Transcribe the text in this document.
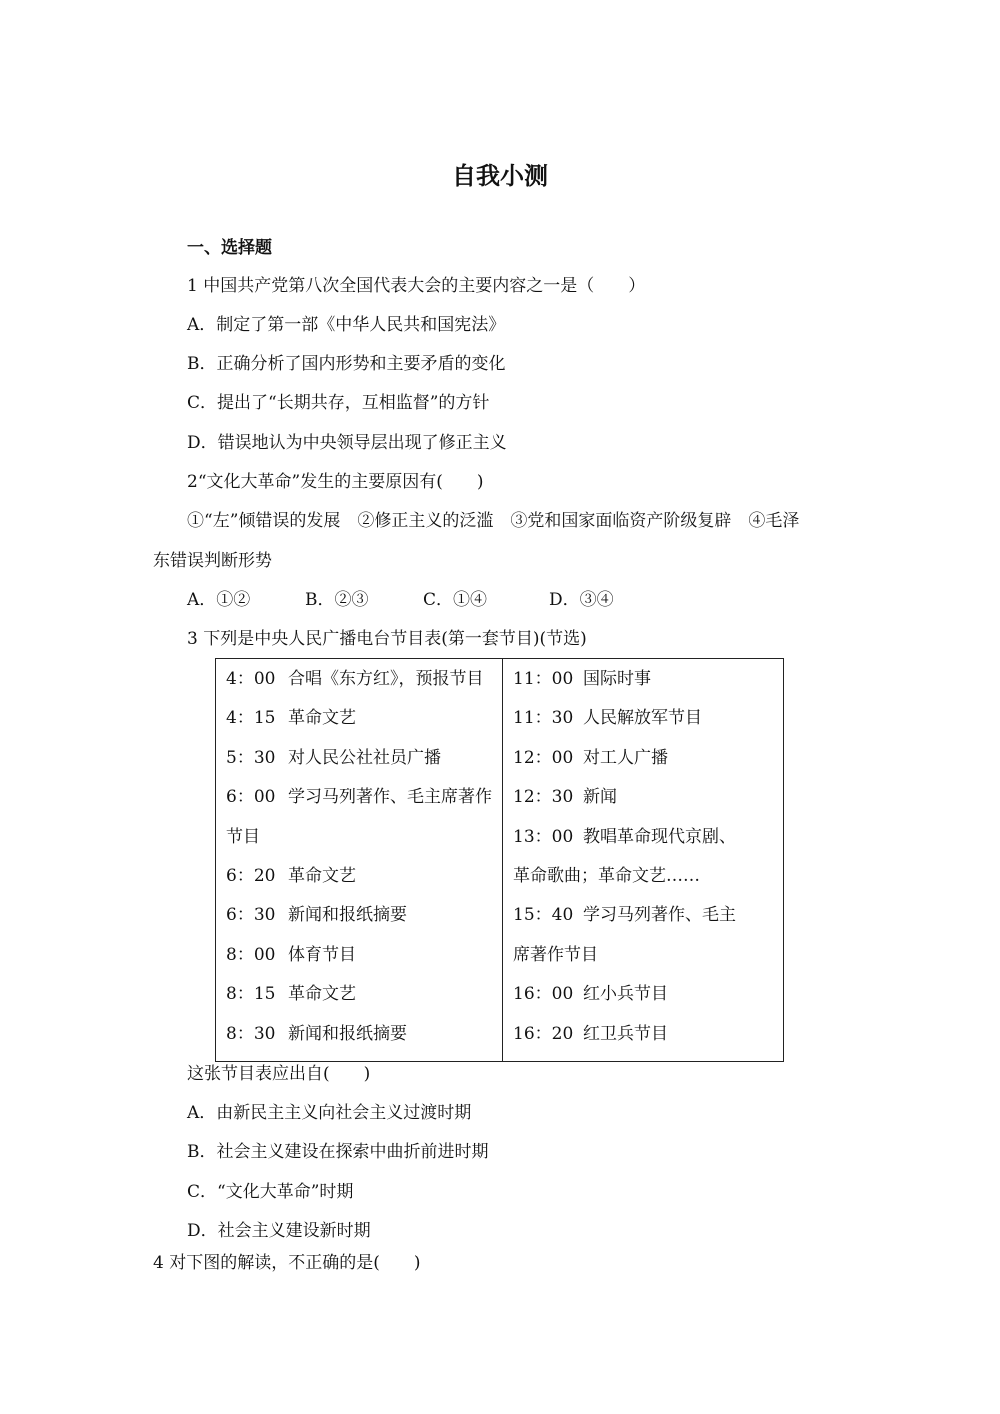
自我小测
一、选择题
1 中国共产党第八次全国代表大会的主要内容之一是（　　）
A．制定了第一部《中华人民共和国宪法》
B．正确分析了国内形势和主要矛盾的变化
C．提出了“长期共存，互相监督”的方针
D．错误地认为中央领导层出现了修正主义
2“文化大革命”发生的主要原因有(　　)
①“左”倾错误的发展　②修正主义的泛滥　③党和国家面临资产阶级复辟　④毛泽
东错误判断形势
A．①②	B．②③	C．①④	D．③④
3 下列是中央人民广播电台节目表(第一套节目)(节选)
4：00 合唱《东方红》，预报节目
4：15 革命文艺
5：30 对人民公社社员广播
6：00 学习马列著作、毛主席著作
节目
6：20 革命文艺
6：30 新闻和报纸摘要
8：00 体育节目
8：15 革命文艺
8：30 新闻和报纸摘要

11：00 国际时事
11：30 人民解放军节目
12：00 对工人广播
12：30 新闻
13：00 教唱革命现代京剧、
革命歌曲；革命文艺……
15：40 学习马列著作、毛主
席著作节目
16：00 红小兵节目
16：20 红卫兵节目
这张节目表应出自(　　)
A．由新民主主义向社会主义过渡时期
B．社会主义建设在探索中曲折前进时期
C．“文化大革命”时期
D．社会主义建设新时期
4 对下图的解读，不正确的是(　　)
